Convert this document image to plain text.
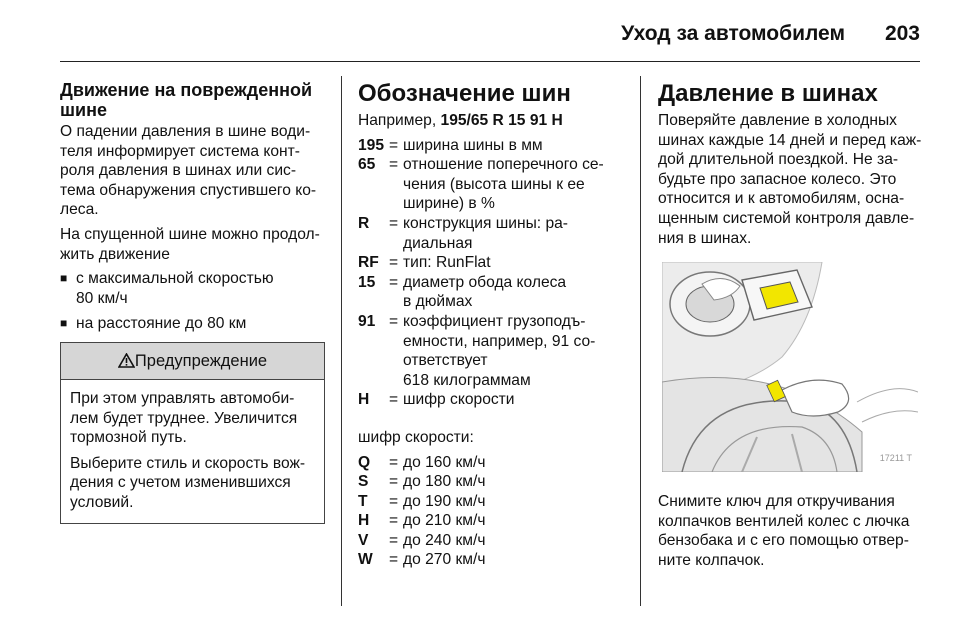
Уход за автомобилем 203
Движение на поврежденной
шине

О падении давления в шине води-
теля информирует система конт-
роля давления в шинах или сис-
тема обнаружения спустившего ко-
леса.

На спущенной шине можно продол-
жить движение

■ с максимальной скоростью
80 км/ч
■ на расстояние до 80 км
Предупреждение

При этом управлять автомоби-
лем будет труднее. Увеличится
тормозной путь.

Выберите стиль и скорость вож-
дения с учетом изменившихся
условий.

Обозначение шин

Например, 195/65 R 15 91 H

195 = ширина шины в мм
65 = отношение поперечного се-
чения (высота шины к ее
ширине) в %
R	= конструкция шины: ра-
диальная
RF = тип: RunFlat
15 = диаметр обода колеса
в дюймах
91 = коэффициент грузоподъ-
емности, например, 91 со-
ответствует
618 килограммам
H	= шифр скорости

шифр скорости:

Q	= до 160 км/ч
S	= до 180 км/ч
T	= до 190 км/ч
H	= до 210 км/ч
V	= до 240 км/ч
W	= до 270 км/ч
Давление в шинах

Поверяйте давление в холодных
шинах каждые 14 дней и перед каж-
дой длительной поездкой. Не за-
будьте про запасное колесо. Это
относится и к автомобилям, осна-
щенным системой контроля давле-
ния в шинах.

17211 T

Снимите ключ для откручивания
колпачков вентилей колес с лючка
бензобака и с его помощью отвер-
ните колпачок.
